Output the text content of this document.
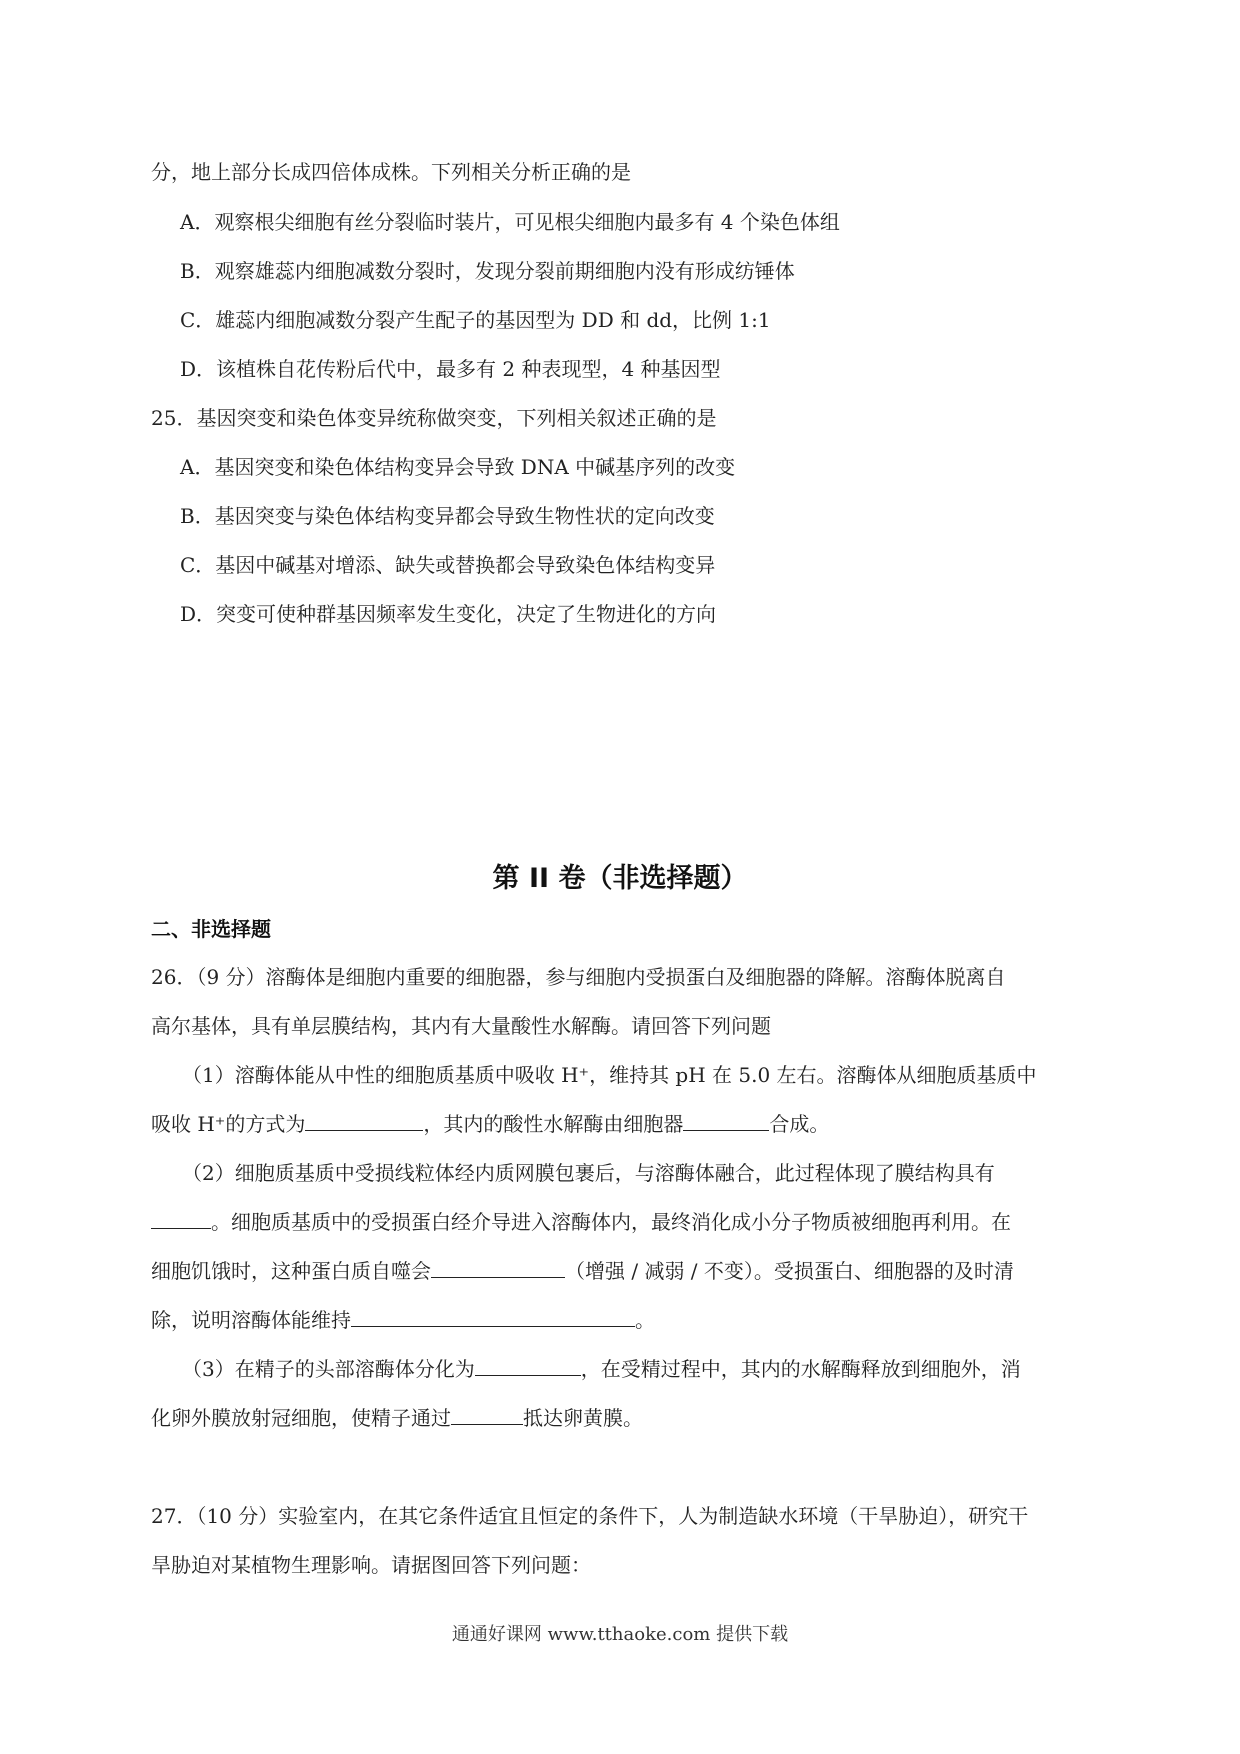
分，地上部分长成四倍体成株。下列相关分析正确的是
A．观察根尖细胞有丝分裂临时装片，可见根尖细胞内最多有 4 个染色体组
B．观察雄蕊内细胞减数分裂时，发现分裂前期细胞内没有形成纺锤体
C．雄蕊内细胞减数分裂产生配子的基因型为 DD 和 dd，比例 1:1
D．该植株自花传粉后代中，最多有 2 种表现型，4 种基因型
25．基因突变和染色体变异统称做突变，下列相关叙述正确的是
A．基因突变和染色体结构变异会导致 DNA 中碱基序列的改变
B．基因突变与染色体结构变异都会导致生物性状的定向改变
C．基因中碱基对增添、缺失或替换都会导致染色体结构变异
D．突变可使种群基因频率发生变化，决定了生物进化的方向
第 II 卷（非选择题）
二、非选择题
26．（9 分）溶酶体是细胞内重要的细胞器，参与细胞内受损蛋白及细胞器的降解。溶酶体脱离自
高尔基体，具有单层膜结构，其内有大量酸性水解酶。请回答下列问题
（1）溶酶体能从中性的细胞质基质中吸收 H⁺，维持其 pH 在 5.0 左右。溶酶体从细胞质基质中
吸收 H⁺的方式为	，其内的酸性水解酶由细胞器	合成。
（2）细胞质基质中受损线粒体经内质网膜包裹后，与溶酶体融合，此过程体现了膜结构具有
。细胞质基质中的受损蛋白经介导进入溶酶体内，最终消化成小分子物质被细胞再利用。在
细胞饥饿时，这种蛋白质自噬会	（增强 / 减弱 / 不变）。受损蛋白、细胞器的及时清
除，说明溶酶体能维持	。
（3）在精子的头部溶酶体分化为	，在受精过程中，其内的水解酶释放到细胞外，消
化卵外膜放射冠细胞，使精子通过	抵达卵黄膜。
27．（10 分）实验室内，在其它条件适宜且恒定的条件下，人为制造缺水环境（干旱胁迫），研究干
旱胁迫对某植物生理影响。请据图回答下列问题：
通通好课网 www.tthaoke.com 提供下载
